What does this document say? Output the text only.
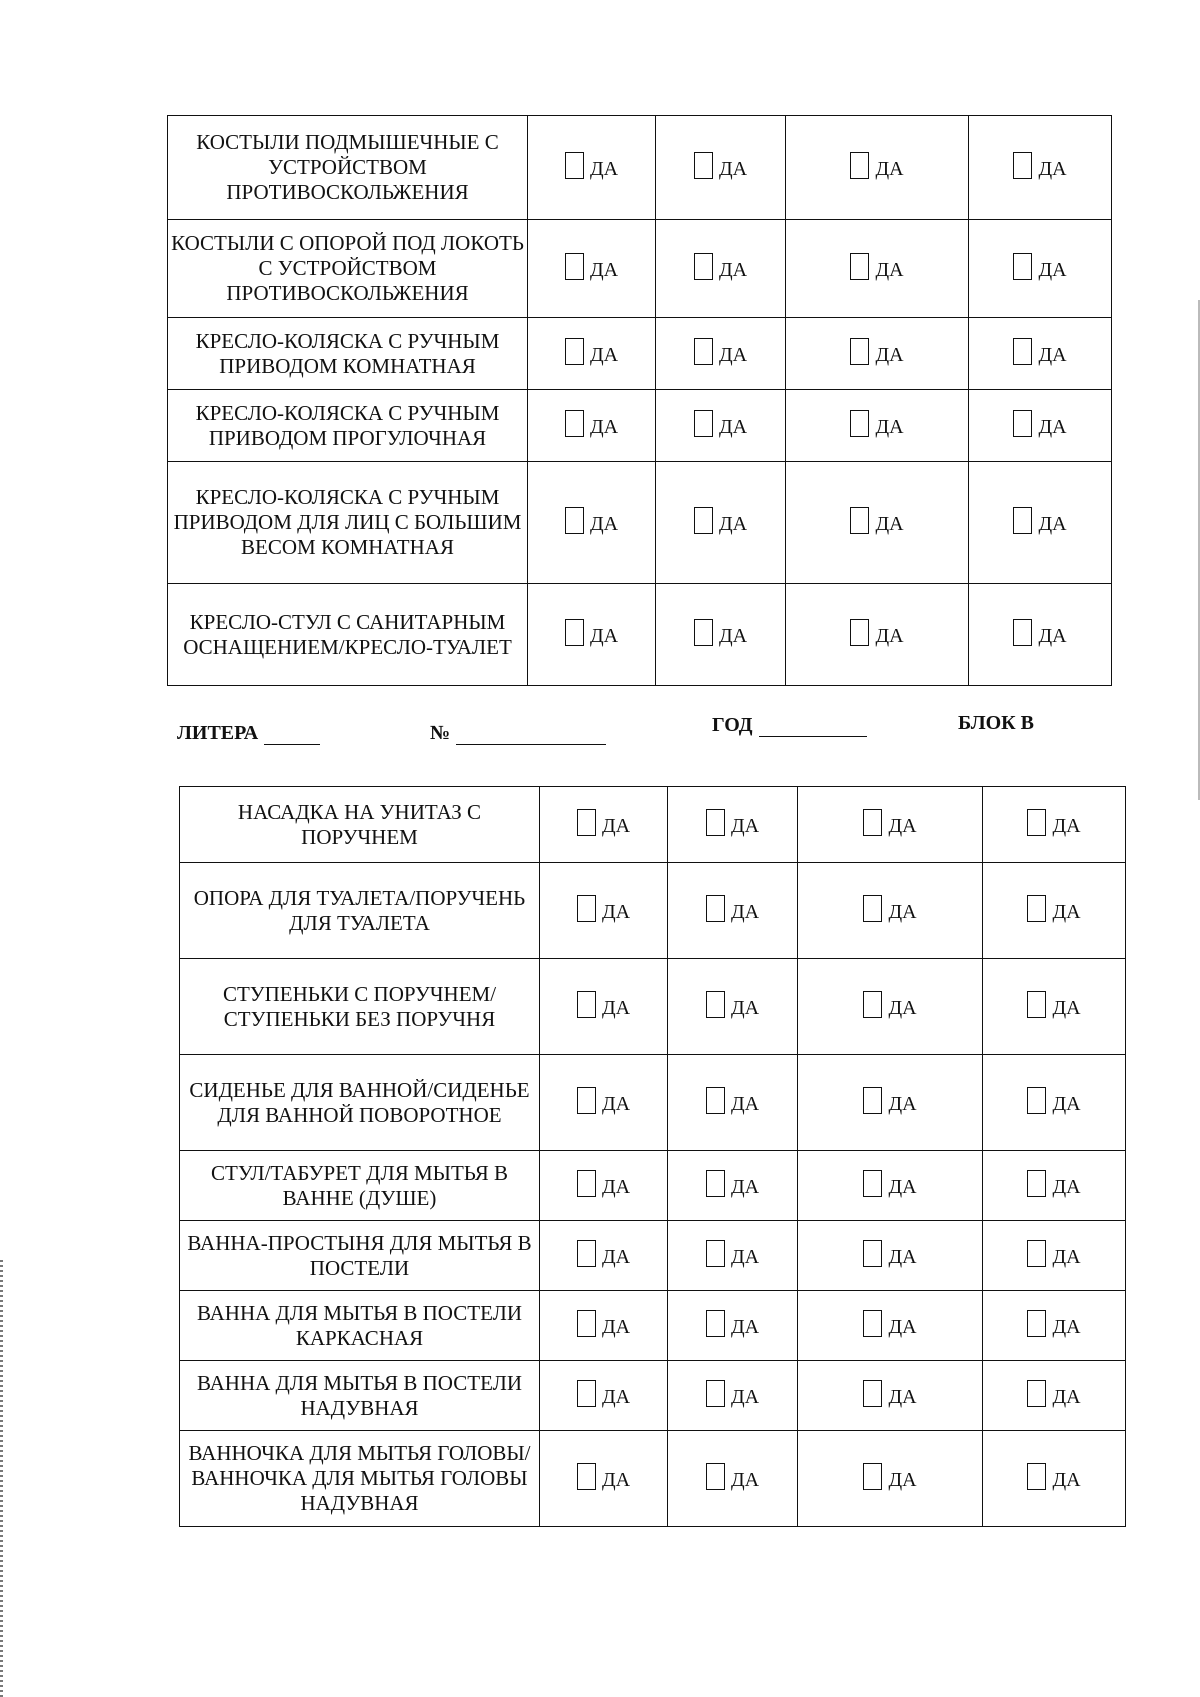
КОСТЫЛИ ПОДМЫШЕЧНЫЕ С УСТРОЙСТВОМ ПРОТИВОСКОЛЬЖЕНИЯ	ДА	ДА	ДА	ДА

КОСТЫЛИ С ОПОРОЙ ПОД ЛОКОТЬ С УСТРОЙСТВОМ ПРОТИВОСКОЛЬЖЕНИЯ	ДА	ДА	ДА	ДА

КРЕСЛО-КОЛЯСКА С РУЧНЫМ ПРИВОДОМ КОМНАТНАЯ	ДА	ДА	ДА	ДА

КРЕСЛО-КОЛЯСКА С РУЧНЫМ ПРИВОДОМ ПРОГУЛОЧНАЯ	ДА	ДА	ДА	ДА

КРЕСЛО-КОЛЯСКА С РУЧНЫМ ПРИВОДОМ ДЛЯ ЛИЦ С БОЛЬШИМ ВЕСОМ КОМНАТНАЯ	ДА	ДА	ДА	ДА

КРЕСЛО-СТУЛ С САНИТАРНЫМ ОСНАЩЕНИЕМ/КРЕСЛО-ТУАЛЕТ	ДА	ДА	ДА	ДА
ЛИТЕРА	№	ГОД	БЛОК В
НАСАДКА НА УНИТАЗ С ПОРУЧНЕМ	ДА	ДА	ДА	ДА

ОПОРА ДЛЯ ТУАЛЕТА/ПОРУЧЕНЬ ДЛЯ ТУАЛЕТА	ДА	ДА	ДА	ДА

СТУПЕНЬКИ С ПОРУЧНЕМ/СТУПЕНЬКИ БЕЗ ПОРУЧНЯ	ДА	ДА	ДА	ДА

СИДЕНЬЕ ДЛЯ ВАННОЙ/СИДЕНЬЕ ДЛЯ ВАННОЙ ПОВОРОТНОЕ	ДА	ДА	ДА	ДА

СТУЛ/ТАБУРЕТ ДЛЯ МЫТЬЯ В ВАННЕ (ДУШЕ)	ДА	ДА	ДА	ДА

ВАННА-ПРОСТЫНЯ ДЛЯ МЫТЬЯ В ПОСТЕЛИ	ДА	ДА	ДА	ДА

ВАННА ДЛЯ МЫТЬЯ В ПОСТЕЛИ КАРКАСНАЯ	ДА	ДА	ДА	ДА

ВАННА ДЛЯ МЫТЬЯ В ПОСТЕЛИ НАДУВНАЯ	ДА	ДА	ДА	ДА

ВАННОЧКА ДЛЯ МЫТЬЯ ГОЛОВЫ/ВАННОЧКА ДЛЯ МЫТЬЯ ГОЛОВЫ НАДУВНАЯ	ДА	ДА	ДА	ДА
